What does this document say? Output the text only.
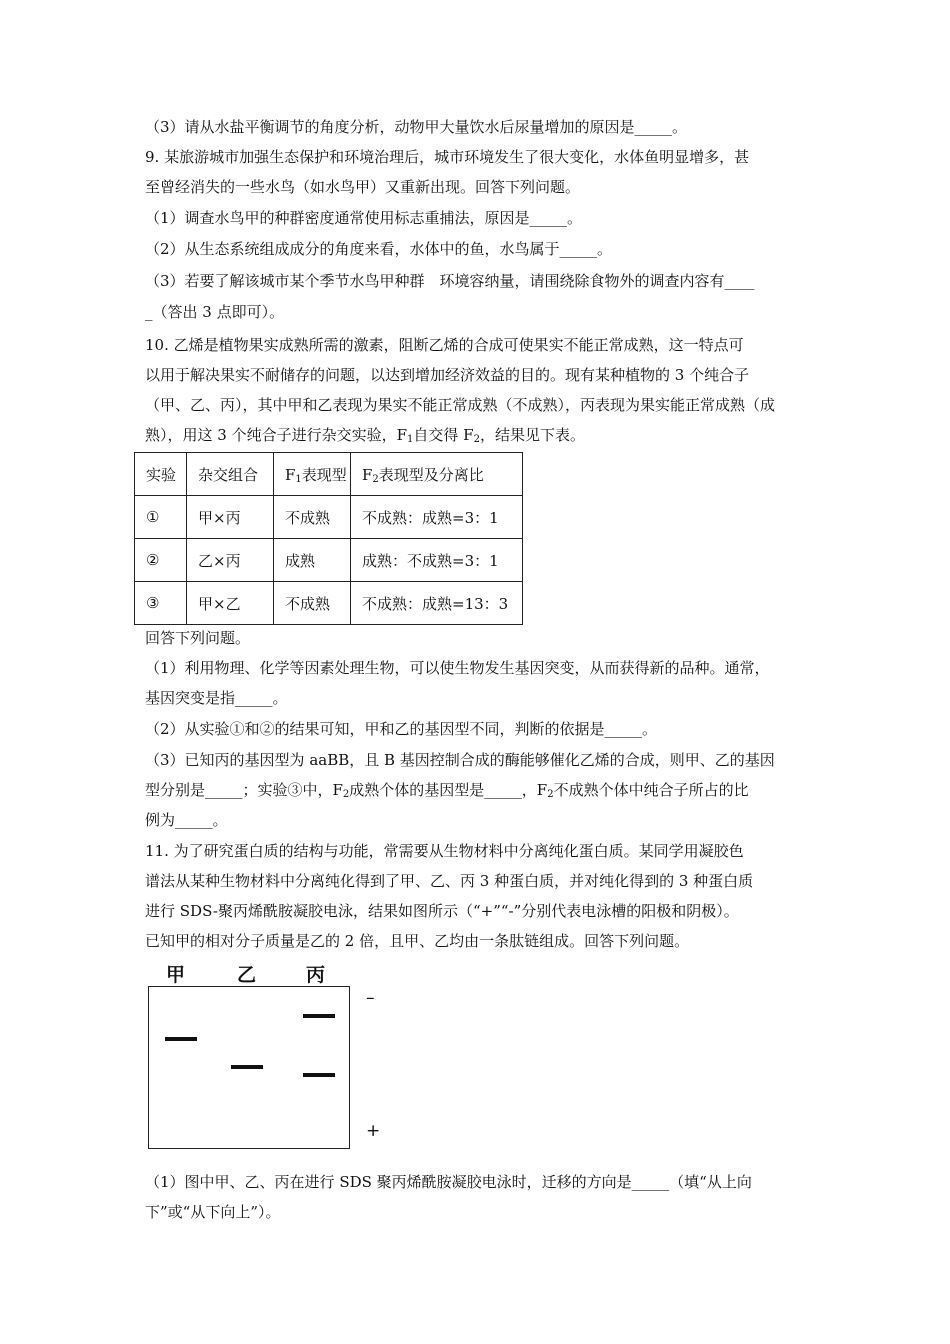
（3）请从水盐平衡调节的角度分析，动物甲大量饮水后尿量增加的原因是_____。
9. 某旅游城市加强生态保护和环境治理后，城市环境发生了很大变化，水体鱼明显增多，甚
至曾经消失的一些水鸟（如水鸟甲）又重新出现。回答下列问题。
（1）调查水鸟甲的种群密度通常使用标志重捕法，原因是_____。
（2）从生态系统组成成分的角度来看，水体中的鱼，水鸟属于_____。
（3）若要了解该城市某个季节水鸟甲种群　环境容纳量，请围绕除食物外的调查内容有____
_（答出 3 点即可）。
10. 乙烯是植物果实成熟所需的激素，阻断乙烯的合成可使果实不能正常成熟，这一特点可
以用于解决果实不耐储存的问题，以达到增加经济效益的目的。现有某种植物的 3 个纯合子
（甲、乙、丙），其中甲和乙表现为果实不能正常成熟（不成熟），丙表现为果实能正常成熟（成
熟），用这 3 个纯合子进行杂交实验，$F_1$自交得 $F_2$，结果见下表。
实验	杂交组合	$F_1$表现型	$F_2$表现型及分离比
①	甲×丙	不成熟	不成熟：成熟=3：1
②	乙×丙	成熟	成熟：不成熟=3：1
③	甲×乙	不成熟	不成熟：成熟=13：3
回答下列问题。
（1）利用物理、化学等因素处理生物，可以使生物发生基因突变，从而获得新的品种。通常，
基因突变是指_____。
（2）从实验①和②的结果可知，甲和乙的基因型不同，判断的依据是_____。
（3）已知丙的基因型为 aaBB，且 B 基因控制合成的酶能够催化乙烯的合成，则甲、乙的基因
型分别是_____；实验③中，$F_2$成熟个体的基因型是_____，$F_2$不成熟个体中纯合子所占的比
例为_____。
11. 为了研究蛋白质的结构与功能，常需要从生物材料中分离纯化蛋白质。某同学用凝胶色
谱法从某种生物材料中分离纯化得到了甲、乙、丙 3 种蛋白质，并对纯化得到的 3 种蛋白质
进行 SDS-聚丙烯酰胺凝胶电泳，结果如图所示（“+”“-”分别代表电泳槽的阳极和阴极）。
已知甲的相对分子质量是乙的 2 倍，且甲、乙均由一条肽链组成。回答下列问题。
甲	乙	丙
–
+
（1）图中甲、乙、丙在进行 SDS 聚丙烯酰胺凝胶电泳时，迁移的方向是_____（填“从上向
下”或“从下向上”）。
